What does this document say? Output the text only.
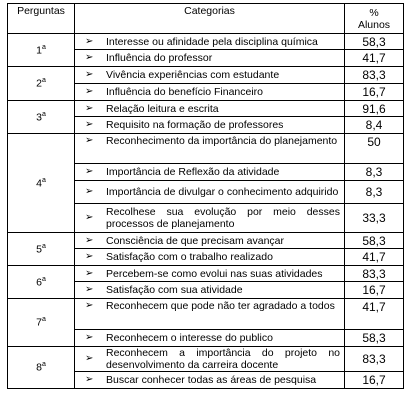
Perguntas	Categorias	%
Alunos

1$^a$	➢ Interesse ou afinidade pela disciplina química	58,3

	➢ Influência do professor	41,7
2$^a$	➢ Vivência experiências com estudante	83,3

	➢ Influência do benefício Financeiro	16,7
3$^a$	➢ Relação leitura e escrita	91,6

	➢ Requisito na formação de professores	8,4
4$^a$	➢ Reconhecimento da importância do planejamento	50

	➢ Importância de Reflexão da atividade	8,3

	➢ Importância de divulgar o conhecimento adquirido	8,3

	➢ Recolhese sua evolução por meio desses processos de planejamento	33,3
5$^a$	➢ Consciência de que precisam avançar	58,3

	➢ Satisfação com o trabalho realizado	41,7
6$^a$	➢ Percebem-se como evolui nas suas atividades	83,3

	➢ Satisfação com sua atividade	16,7
7$^a$	➢ Reconhecem que pode não ter agradado a todos	41,7

	➢ Reconhecem o interesse do publico	58,3
8$^a$	➢ Reconhecem a importância do projeto no desenvolvimento da carreira docente	83,3

	➢ Buscar conhecer todas as áreas de pesquisa	16,7
